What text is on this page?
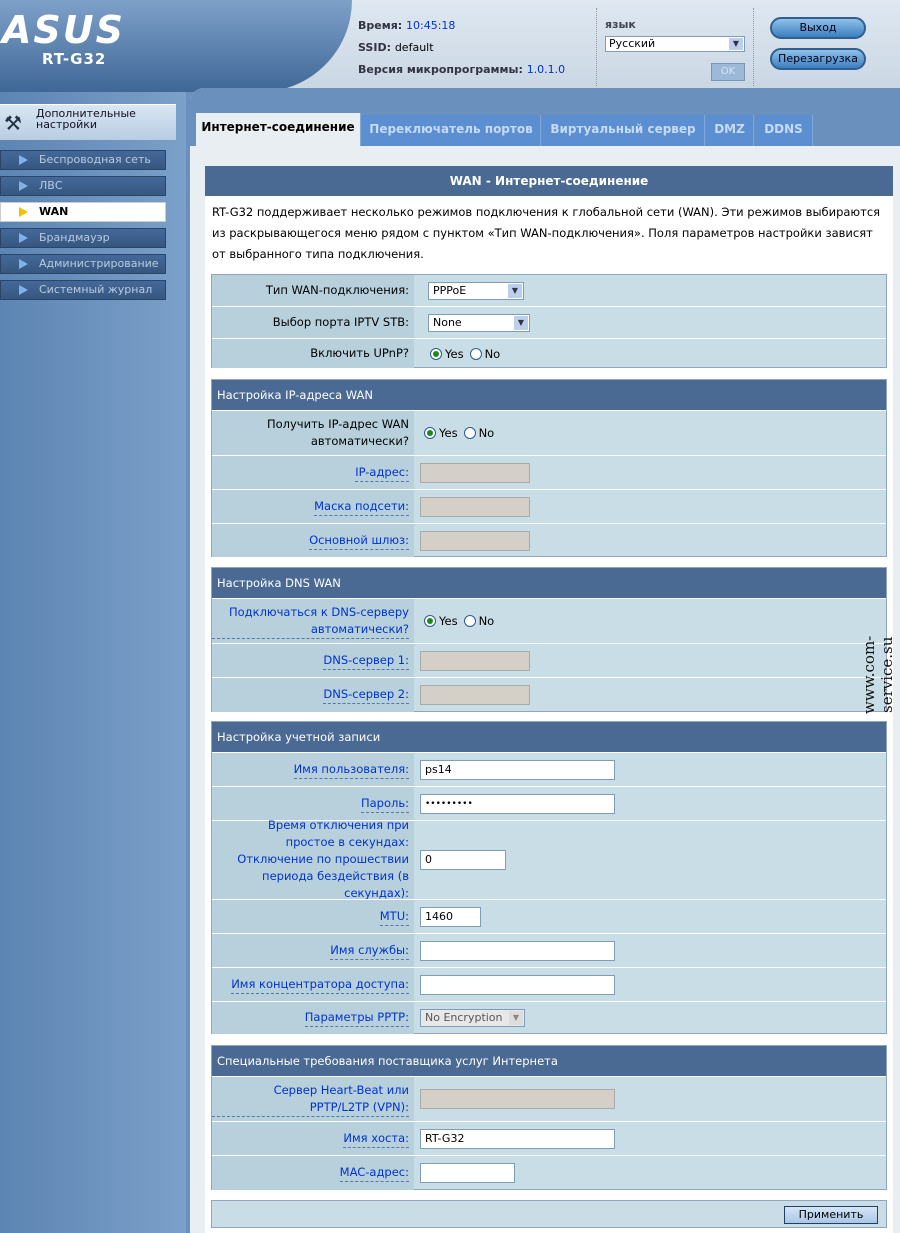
ASUS
RT-G32
Время: 10:45:18
SSID: default
Версия микропрограммы: 1.0.1.0
язык
Русский	▼
OK
Выход
Перезагрузка
⚒ Дополнительные настройки
Беспроводная сеть
ЛВС
WAN
Брандмауэр
Администрирование
Системный журнал
Интернет-соединение	Переключатель портов	Виртуальный сервер	DMZ	DDNS
WAN - Интернет-соединение
RT-G32 поддерживает несколько режимов подключения к глобальной сети (WAN). Эти режимов выбираются из раскрывающегося меню рядом с пунктом «Тип WAN-подключения». Поля параметров настройки зависят от выбранного типа подключения.
Тип WAN-подключения:	PPPoE	▼
Выбор порта IPTV STB:	None	▼
Включить UPnP?	Yes No
Настройка IP-адреса WAN
Получить IP-адрес WAN автоматически?
Yes No
IP-адрес:
Маска подсети:
Основной шлюз:
Настройка DNS WAN
Подключаться к DNS-серверу автоматически?
Yes No
DNS-сервер 1:
DNS-сервер 2:
Настройка учетной записи
Имя пользователя:	ps14
Пароль:	•••••••••
Время отключения при простое в секундах: Отключение по прошествии периода бездействия (в секундах):
0
MTU:	1460
Имя службы:
Имя концентратора доступа:
Параметры PPTP:	No Encryption	▼
Специальные требования поставщика услуг Интернета
Сервер Heart-Beat или PPTP/L2TP (VPN):
Имя хоста:	RT-G32
MAC-адрес:
Применить
www.com-service.su
